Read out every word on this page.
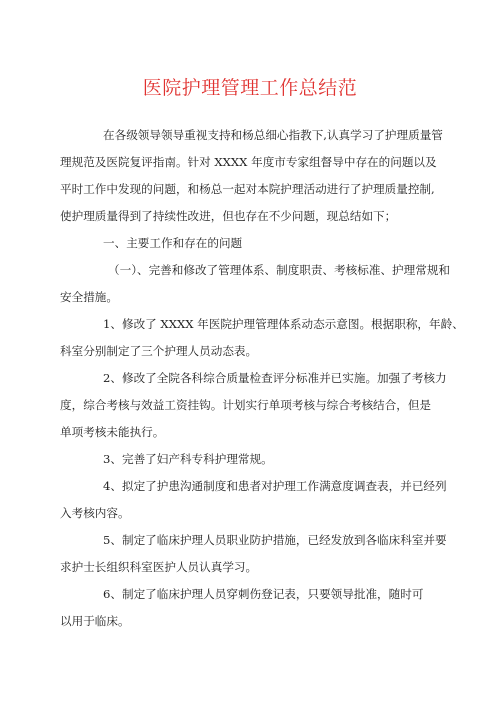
医院护理管理工作总结范
在各级领导领导重视支持和杨总细心指教下,认真学习了护理质量管
理规范及医院复评指南。针对 XXXX 年度市专家组督导中存在的问题以及
平时工作中发现的问题，和杨总一起对本院护理活动进行了护理质量控制,
使护理质量得到了持续性改进，但也存在不少问题，现总结如下；
一、主要工作和存在的问题
（一）、完善和修改了管理体系、制度职责、考核标准、护理常规和
安全措施。
1、修改了 XXXX 年医院护理管理体系动态示意图。根据职称，年龄、
科室分别制定了三个护理人员动态表。
2、修改了全院各科综合质量检查评分标准并已实施。加强了考核力
度，综合考核与效益工资挂钩。计划实行单项考核与综合考核结合，但是
单项考核未能执行。
3、完善了妇产科专科护理常规。
4、拟定了护患沟通制度和患者对护理工作满意度调查表，并已经列
入考核内容。
5、制定了临床护理人员职业防护措施，已经发放到各临床科室并要
求护士长组织科室医护人员认真学习。
6、制定了临床护理人员穿刺伤登记表，只要领导批准，随时可
以用于临床。
